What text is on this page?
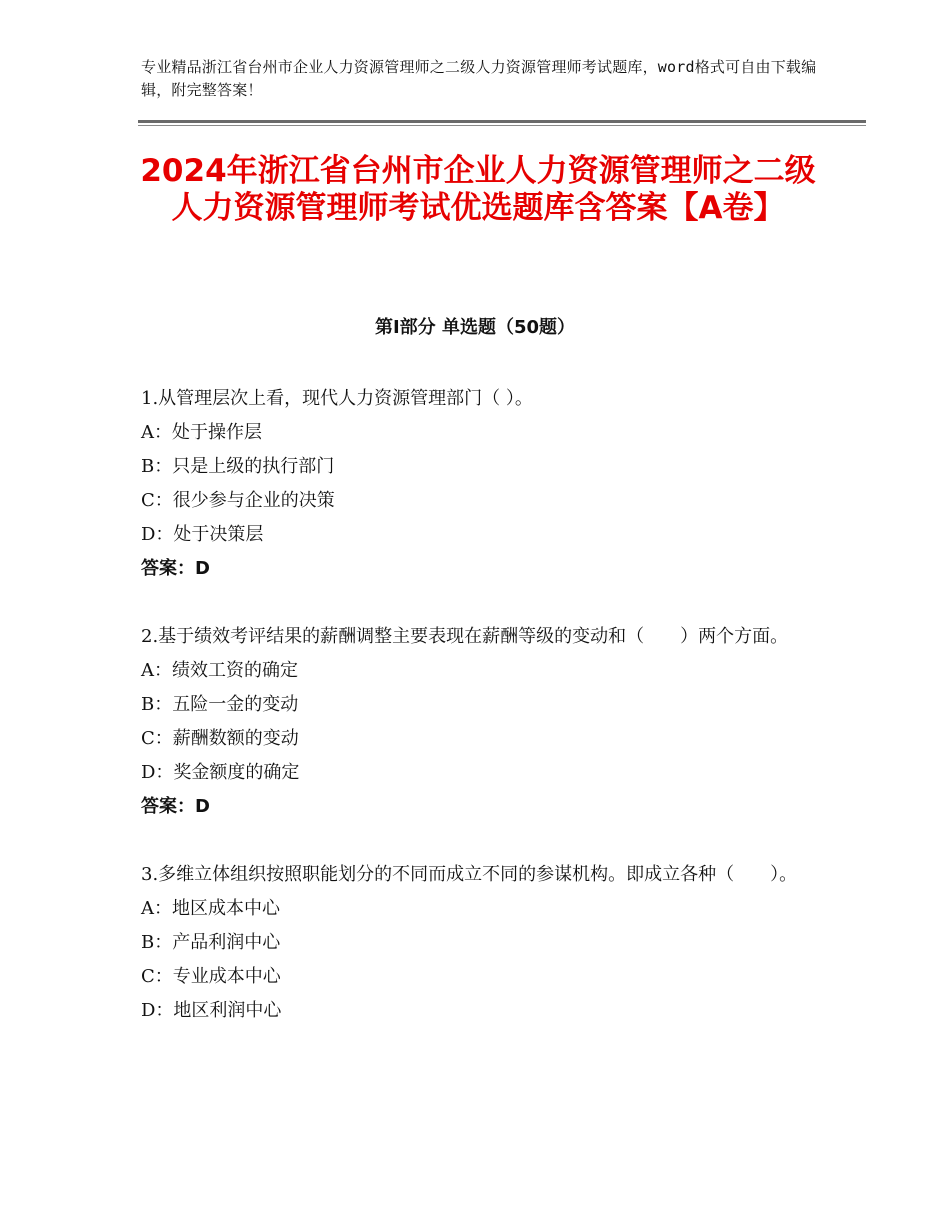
专业精品浙江省台州市企业人力资源管理师之二级人力资源管理师考试题库，word格式可自由下载编辑，附完整答案！
2024年浙江省台州市企业人力资源管理师之二级人力资源管理师考试优选题库含答案【A卷】
第Ⅰ部分 单选题（50题）
1.从管理层次上看，现代人力资源管理部门（ ）。
A：处于操作层
B：只是上级的执行部门
C：很少参与企业的决策
D：处于决策层
答案：D
2.基于绩效考评结果的薪酬调整主要表现在薪酬等级的变动和（　　）两个方面。
A：绩效工资的确定
B：五险一金的变动
C：薪酬数额的变动
D：奖金额度的确定
答案：D
3.多维立体组织按照职能划分的不同而成立不同的参谋机构。即成立各种（　　）。
A：地区成本中心
B：产品利润中心
C：专业成本中心
D：地区利润中心
